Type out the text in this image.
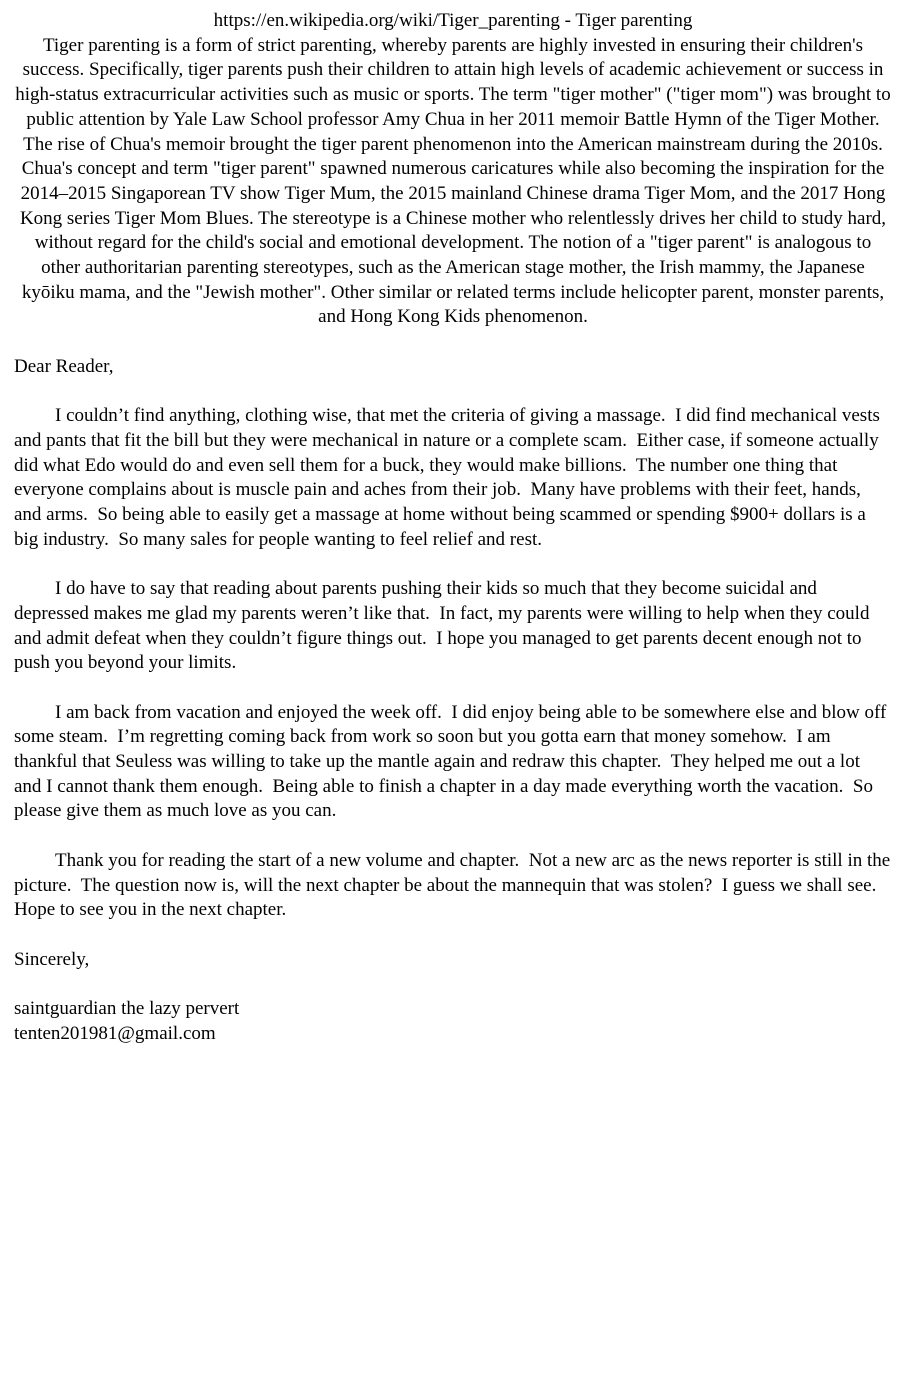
https://en.wikipedia.org/wiki/Tiger_parenting - Tiger parenting

Tiger parenting is a form of strict parenting, whereby parents are highly invested in ensuring their children's success. Specifically, tiger parents push their children to attain high levels of academic achievement or success in high-status extracurricular activities such as music or sports. The term "tiger mother" ("tiger mom") was brought to public attention by Yale Law School professor Amy Chua in her 2011 memoir Battle Hymn of the Tiger Mother.

The rise of Chua's memoir brought the tiger parent phenomenon into the American mainstream during the 2010s. Chua's concept and term "tiger parent" spawned numerous caricatures while also becoming the inspiration for the 2014–2015 Singaporean TV show Tiger Mum, the 2015 mainland Chinese drama Tiger Mom, and the 2017 Hong Kong series Tiger Mom Blues. The stereotype is a Chinese mother who relentlessly drives her child to study hard, without regard for the child's social and emotional development. The notion of a "tiger parent" is analogous to other authoritarian parenting stereotypes, such as the American stage mother, the Irish mammy, the Japanese kyōiku mama, and the "Jewish mother". Other similar or related terms include helicopter parent, monster parents, and Hong Kong Kids phenomenon.

Dear Reader,

I couldn’t find anything, clothing wise, that met the criteria of giving a massage.  I did find mechanical vests and pants that fit the bill but they were mechanical in nature or a complete scam.  Either case, if someone actually did what Edo would do and even sell them for a buck, they would make billions.  The number one thing that everyone complains about is muscle pain and aches from their job.  Many have problems with their feet, hands, and arms.  So being able to easily get a massage at home without being scammed or spending $900+ dollars is a big industry.  So many sales for people wanting to feel relief and rest.

I do have to say that reading about parents pushing their kids so much that they become suicidal and depressed makes me glad my parents weren’t like that.  In fact, my parents were willing to help when they could and admit defeat when they couldn’t figure things out.  I hope you managed to get parents decent enough not to push you beyond your limits.

I am back from vacation and enjoyed the week off.  I did enjoy being able to be somewhere else and blow off some steam.  I’m regretting coming back from work so soon but you gotta earn that money somehow.  I am thankful that Seuless was willing to take up the mantle again and redraw this chapter.  They helped me out a lot and I cannot thank them enough.  Being able to finish a chapter in a day made everything worth the vacation.  So please give them as much love as you can.

Thank you for reading the start of a new volume and chapter.  Not a new arc as the news reporter is still in the picture.  The question now is, will the next chapter be about the mannequin that was stolen?  I guess we shall see.  Hope to see you in the next chapter.

Sincerely,

saintguardian the lazy pervert

tenten201981@gmail.com
